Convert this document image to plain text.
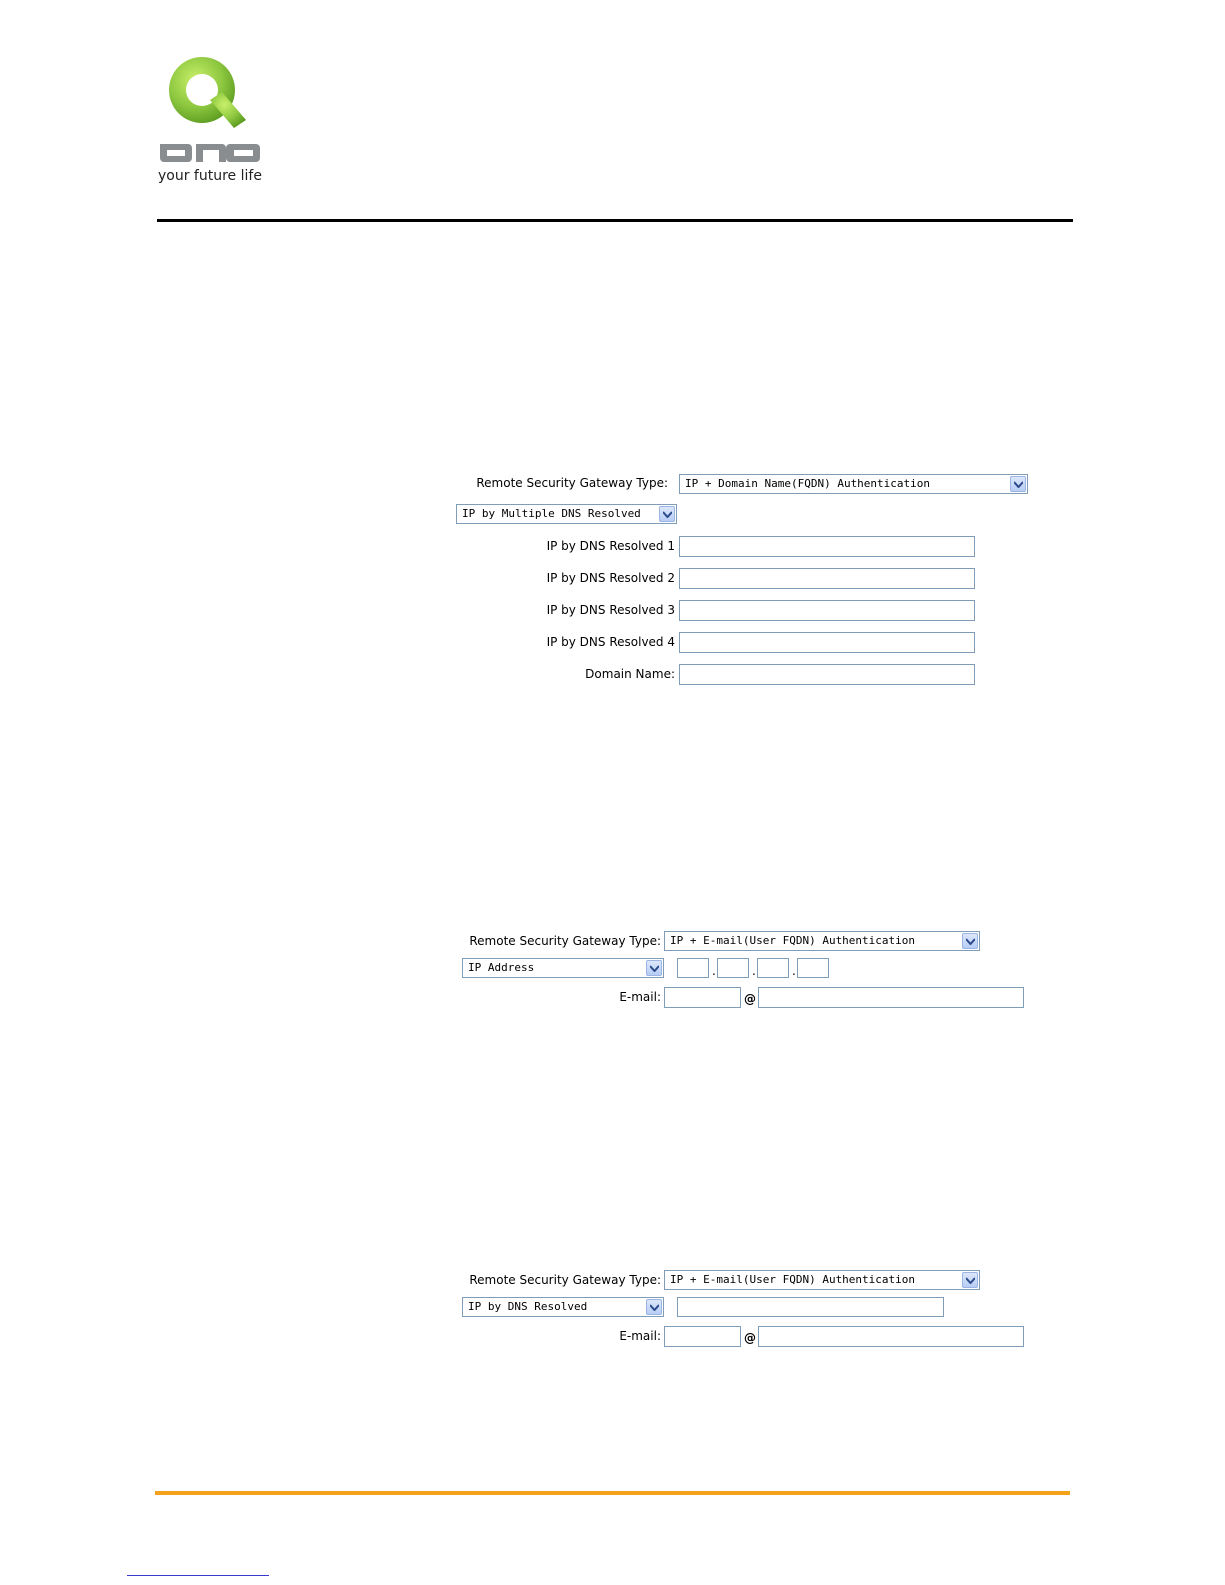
your future life
Remote Security Gateway Type:	IP + Domain Name(FQDN) Authentication
IP by Multiple DNS Resolved
IP by DNS Resolved 1
IP by DNS Resolved 2
IP by DNS Resolved 3
IP by DNS Resolved 4
Domain Name:
Remote Security Gateway Type: IP + E-mail(User FQDN) Authentication
IP Address	.	.	.
E-mail:	@
Remote Security Gateway Type: IP + E-mail(User FQDN) Authentication
IP by DNS Resolved
E-mail:	@
